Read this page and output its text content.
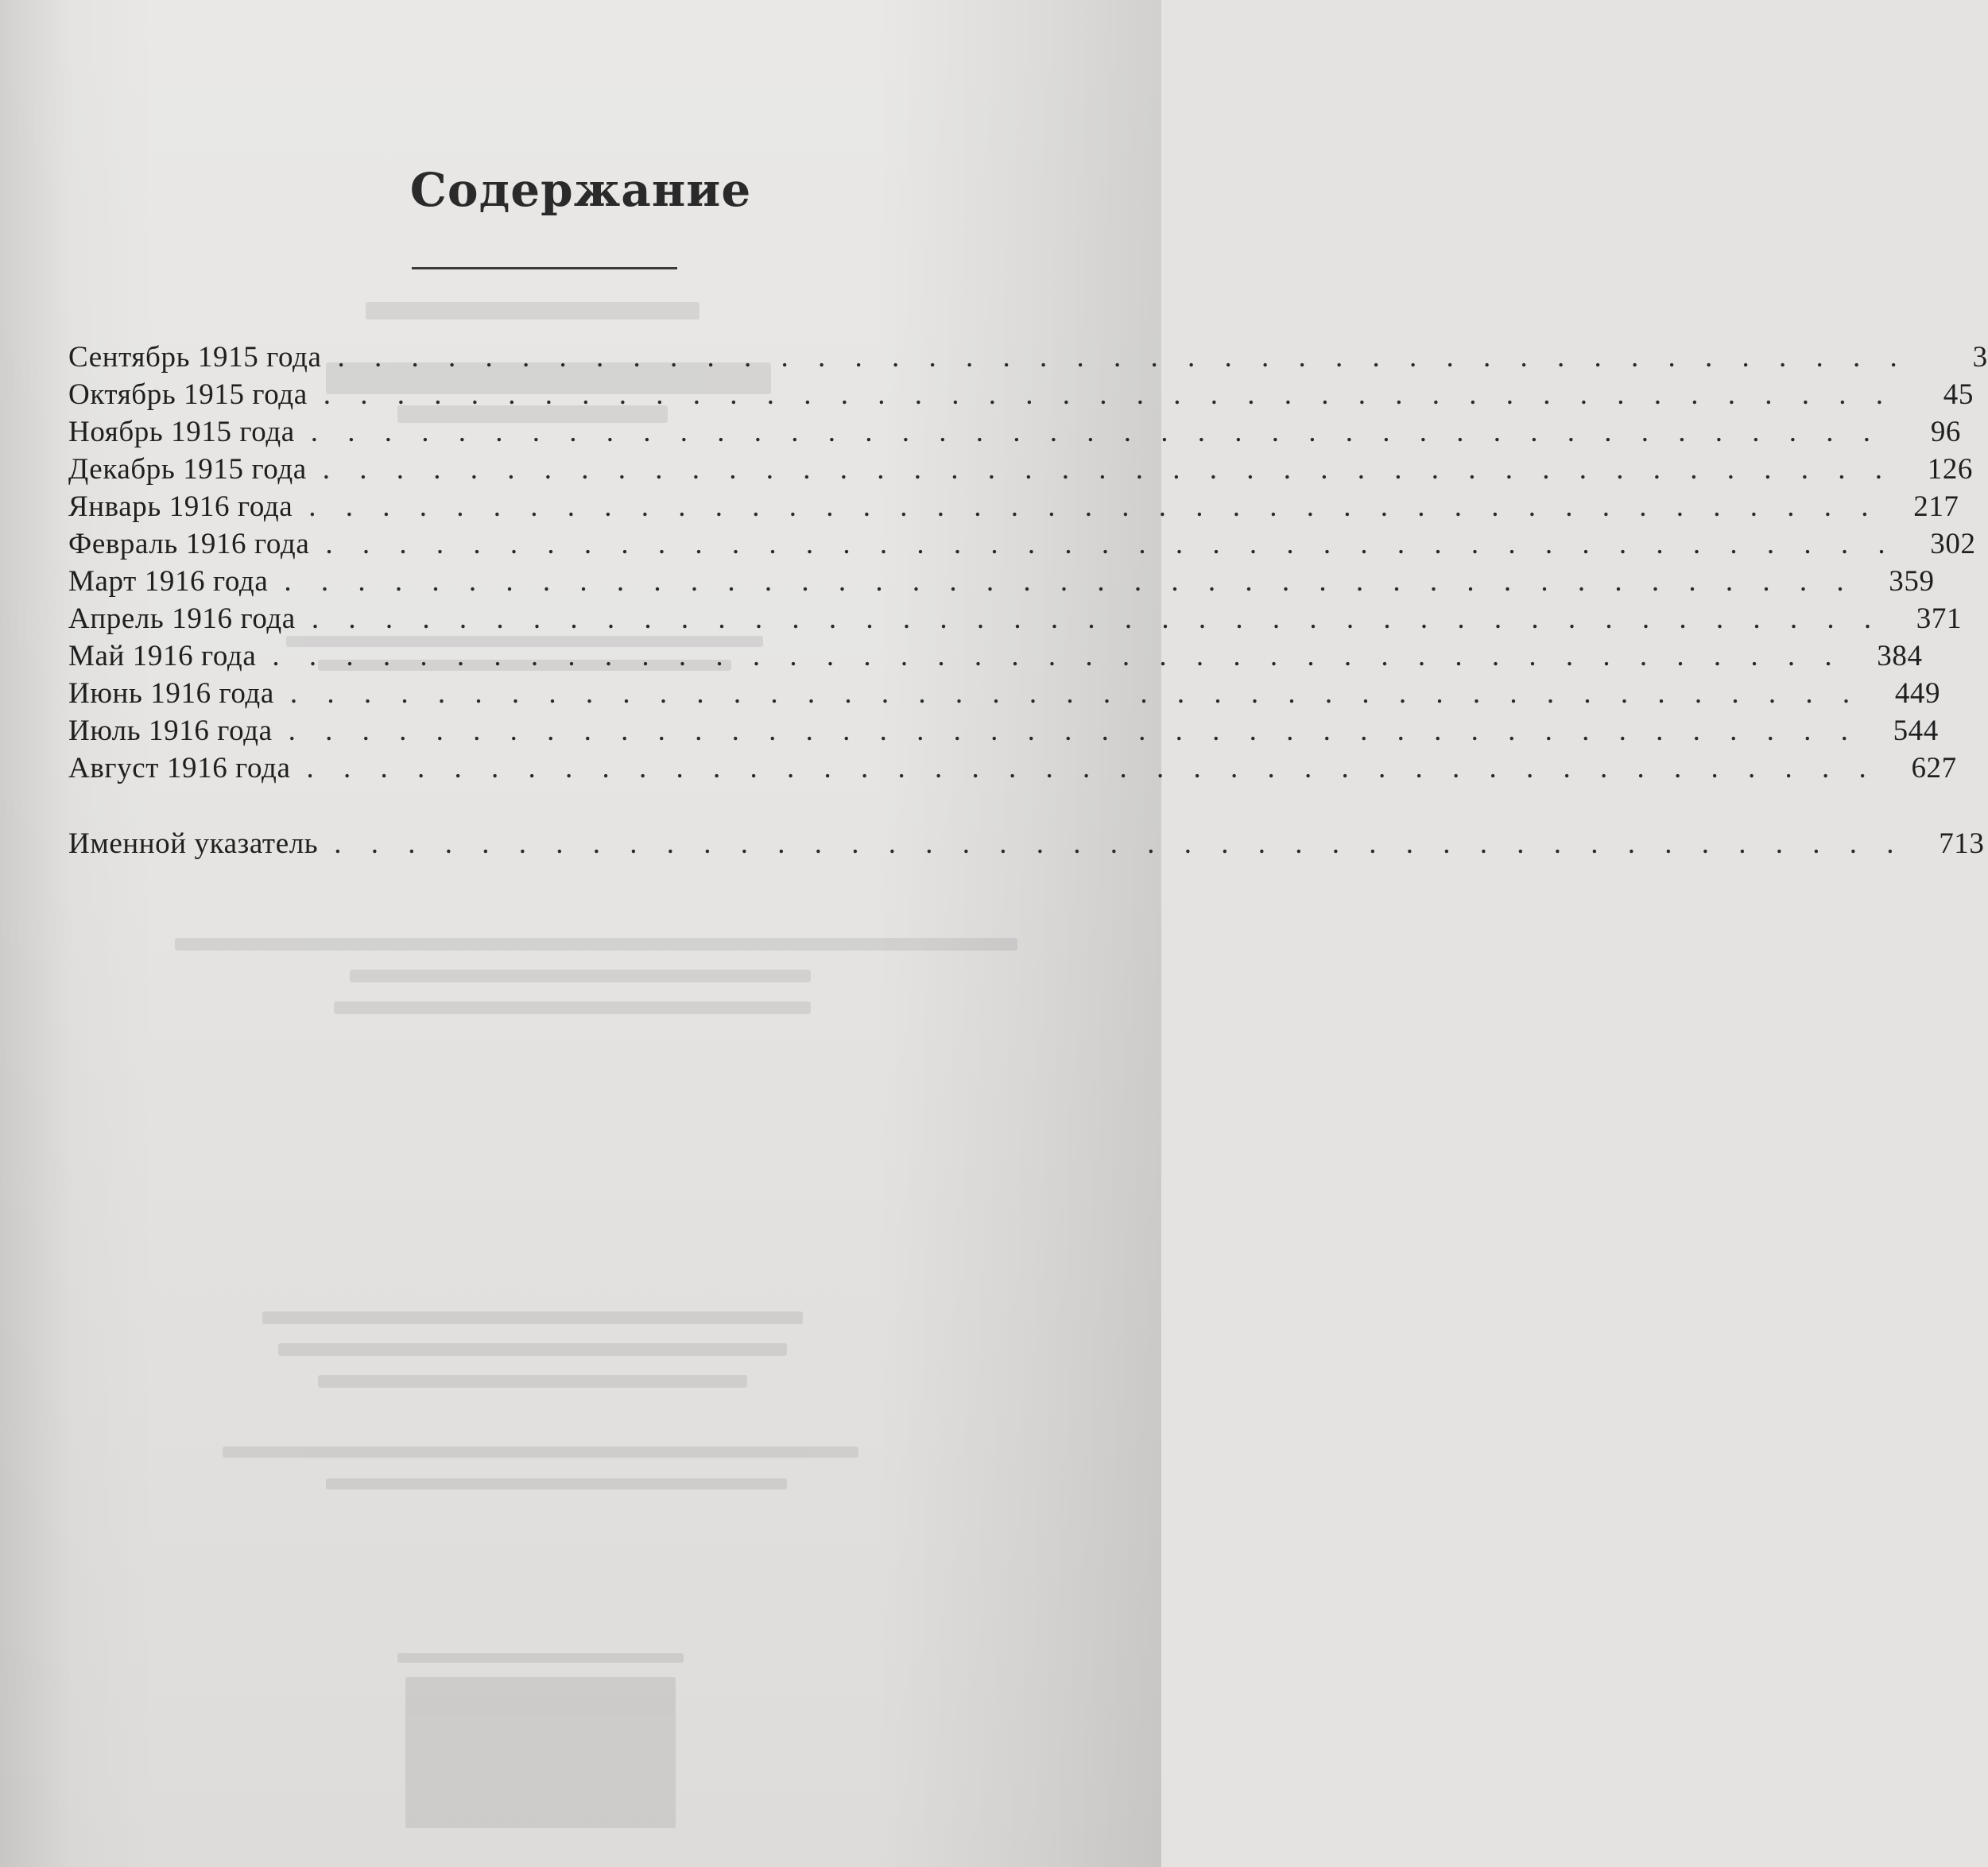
Содержание
Сентябрь 1915 года . . . . . . . . . . . . . . . . . . . . . . . . . . . . . . . . . . . . . . . . . . .	3
Октябрь 1915 года . . . . . . . . . . . . . . . . . . . . . . . . . . . . . . . . . . . . . . . . . . .	45
Ноябрь 1915 года . . . . . . . . . . . . . . . . . . . . . . . . . . . . . . . . . . . . . . . . . . .	96
Декабрь 1915 года . . . . . . . . . . . . . . . . . . . . . . . . . . . . . . . . . . . . . . . . . . .	126
Январь 1916 года . . . . . . . . . . . . . . . . . . . . . . . . . . . . . . . . . . . . . . . . . . .	217
Февраль 1916 года . . . . . . . . . . . . . . . . . . . . . . . . . . . . . . . . . . . . . . . . . . .	302
Март 1916 года . . . . . . . . . . . . . . . . . . . . . . . . . . . . . . . . . . . . . . . . . . .	359
Апрель 1916 года . . . . . . . . . . . . . . . . . . . . . . . . . . . . . . . . . . . . . . . . . . .	371
Май 1916 года . . . . . . . . . . . . . . . . . . . . . . . . . . . . . . . . . . . . . . . . . . .	384
Июнь 1916 года . . . . . . . . . . . . . . . . . . . . . . . . . . . . . . . . . . . . . . . . . . .	449
Июль 1916 года . . . . . . . . . . . . . . . . . . . . . . . . . . . . . . . . . . . . . . . . . . .	544
Август 1916 года . . . . . . . . . . . . . . . . . . . . . . . . . . . . . . . . . . . . . . . . . . .	627
Именной указатель . . . . . . . . . . . . . . . . . . . . . . . . . . . . . . . . . . . . . . . . . . .	713
